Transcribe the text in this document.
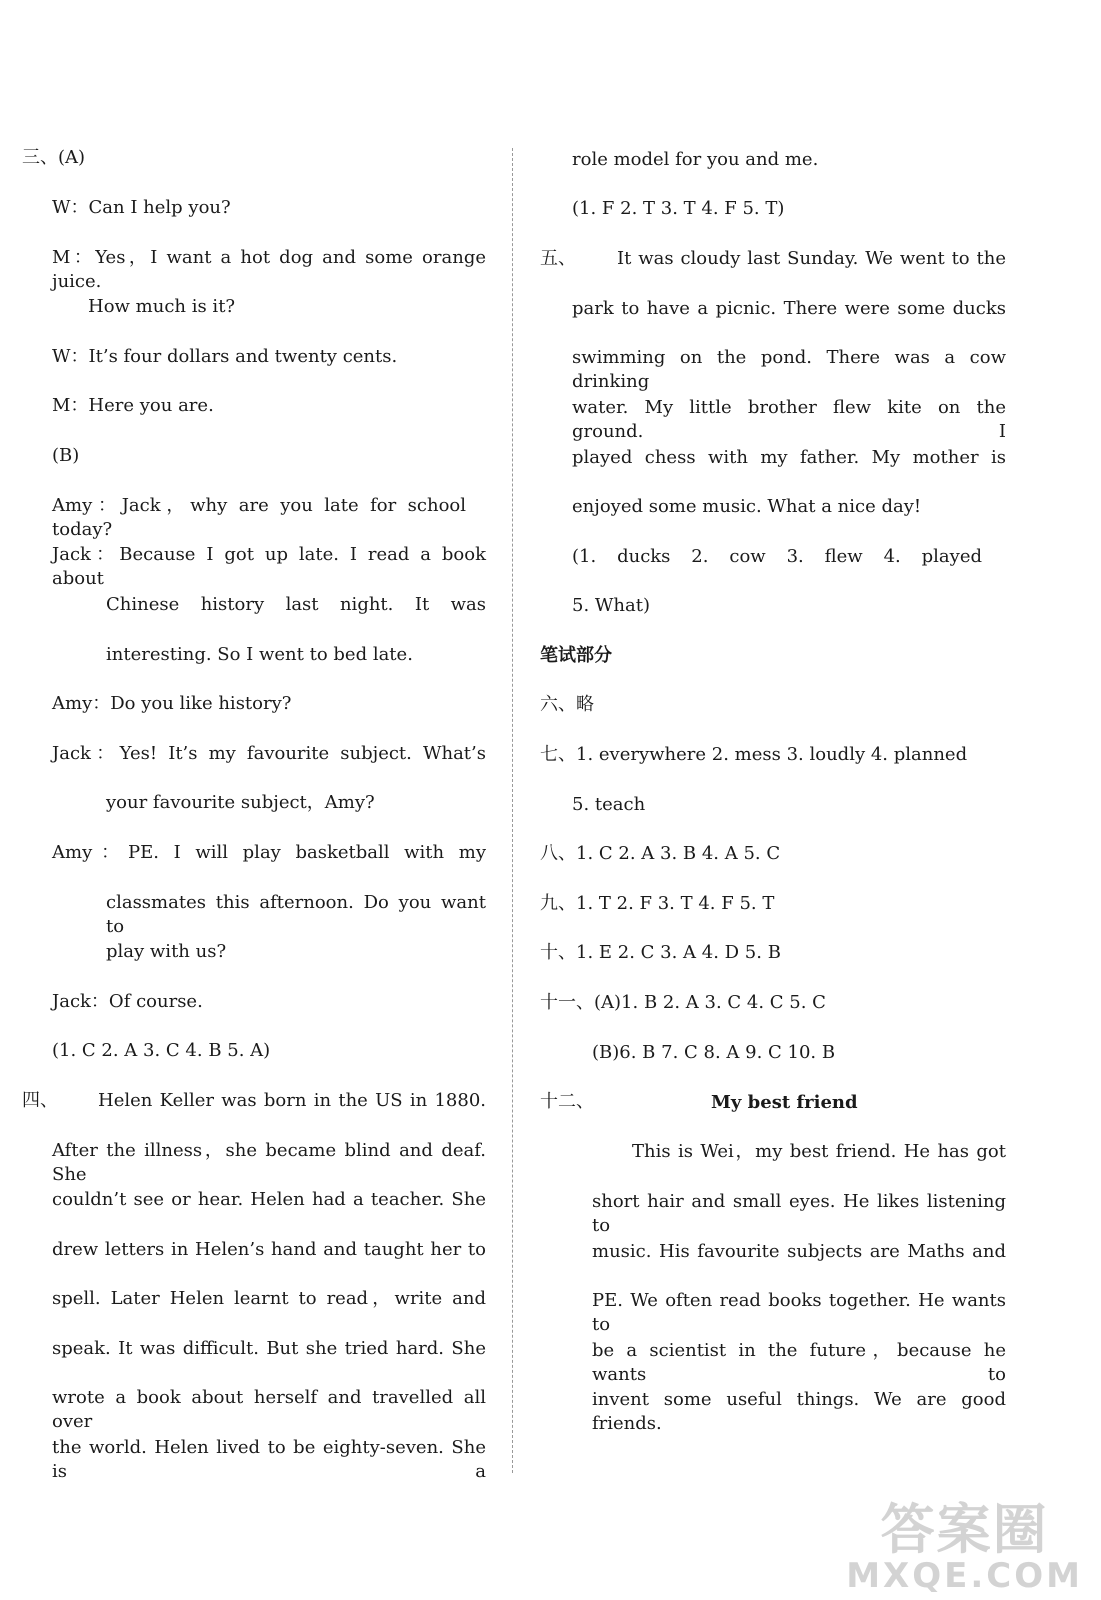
三、(A)
W：Can I help you?
M：Yes，I want a hot dog and some orange juice.
How much is it?
W：It’s four dollars and twenty cents.
M：Here you are.
(B)
Amy：Jack，why are you late for school today?
Jack：Because I got up late. I read a book about
Chinese history last night. It was
interesting. So I went to bed late.
Amy：Do you like history?
Jack：Yes! It’s my favourite subject. What’s
your favourite subject，Amy?
Amy：PE. I will play basketball with my
classmates this afternoon. Do you want to
play with us?
Jack：Of course.
(1. C 2. A 3. C 4. B 5. A)
四、 Helen Keller was born in the US in 1880.
After the illness，she became blind and deaf. She
couldn’t see or hear. Helen had a teacher. She
drew letters in Helen’s hand and taught her to
spell. Later Helen learnt to read，write and
speak. It was difficult. But she tried hard. She
wrote a book about herself and travelled all over
the world. Helen lived to be eighty-seven. She is a
role model for you and me.
(1. F 2. T 3. T 4. F 5. T)
五、 It was cloudy last Sunday. We went to the
park to have a picnic. There were some ducks
swimming on the pond. There was a cow drinking
water. My little brother flew kite on the ground. I
played chess with my father. My mother is
enjoyed some music. What a nice day!
(1. ducks 2. cow 3. flew 4. played
5. What)
笔试部分
六、略
七、1. everywhere 2. mess 3. loudly 4. planned
5. teach
八、1. C 2. A 3. B 4. A 5. C
九、1. T 2. F 3. T 4. F 5. T
十、1. E 2. C 3. A 4. D 5. B
十一、(A)1. B 2. A 3. C 4. C 5. C
(B)6. B 7. C 8. A 9. C 10. B
十二、	My best friend
This is Wei，my best friend. He has got
short hair and small eyes. He likes listening to
music. His favourite subjects are Maths and
PE. We often read books together. He wants to
be a scientist in the future，because he wants to
invent some useful things. We are good friends.
答案圈
MXQE.COM
